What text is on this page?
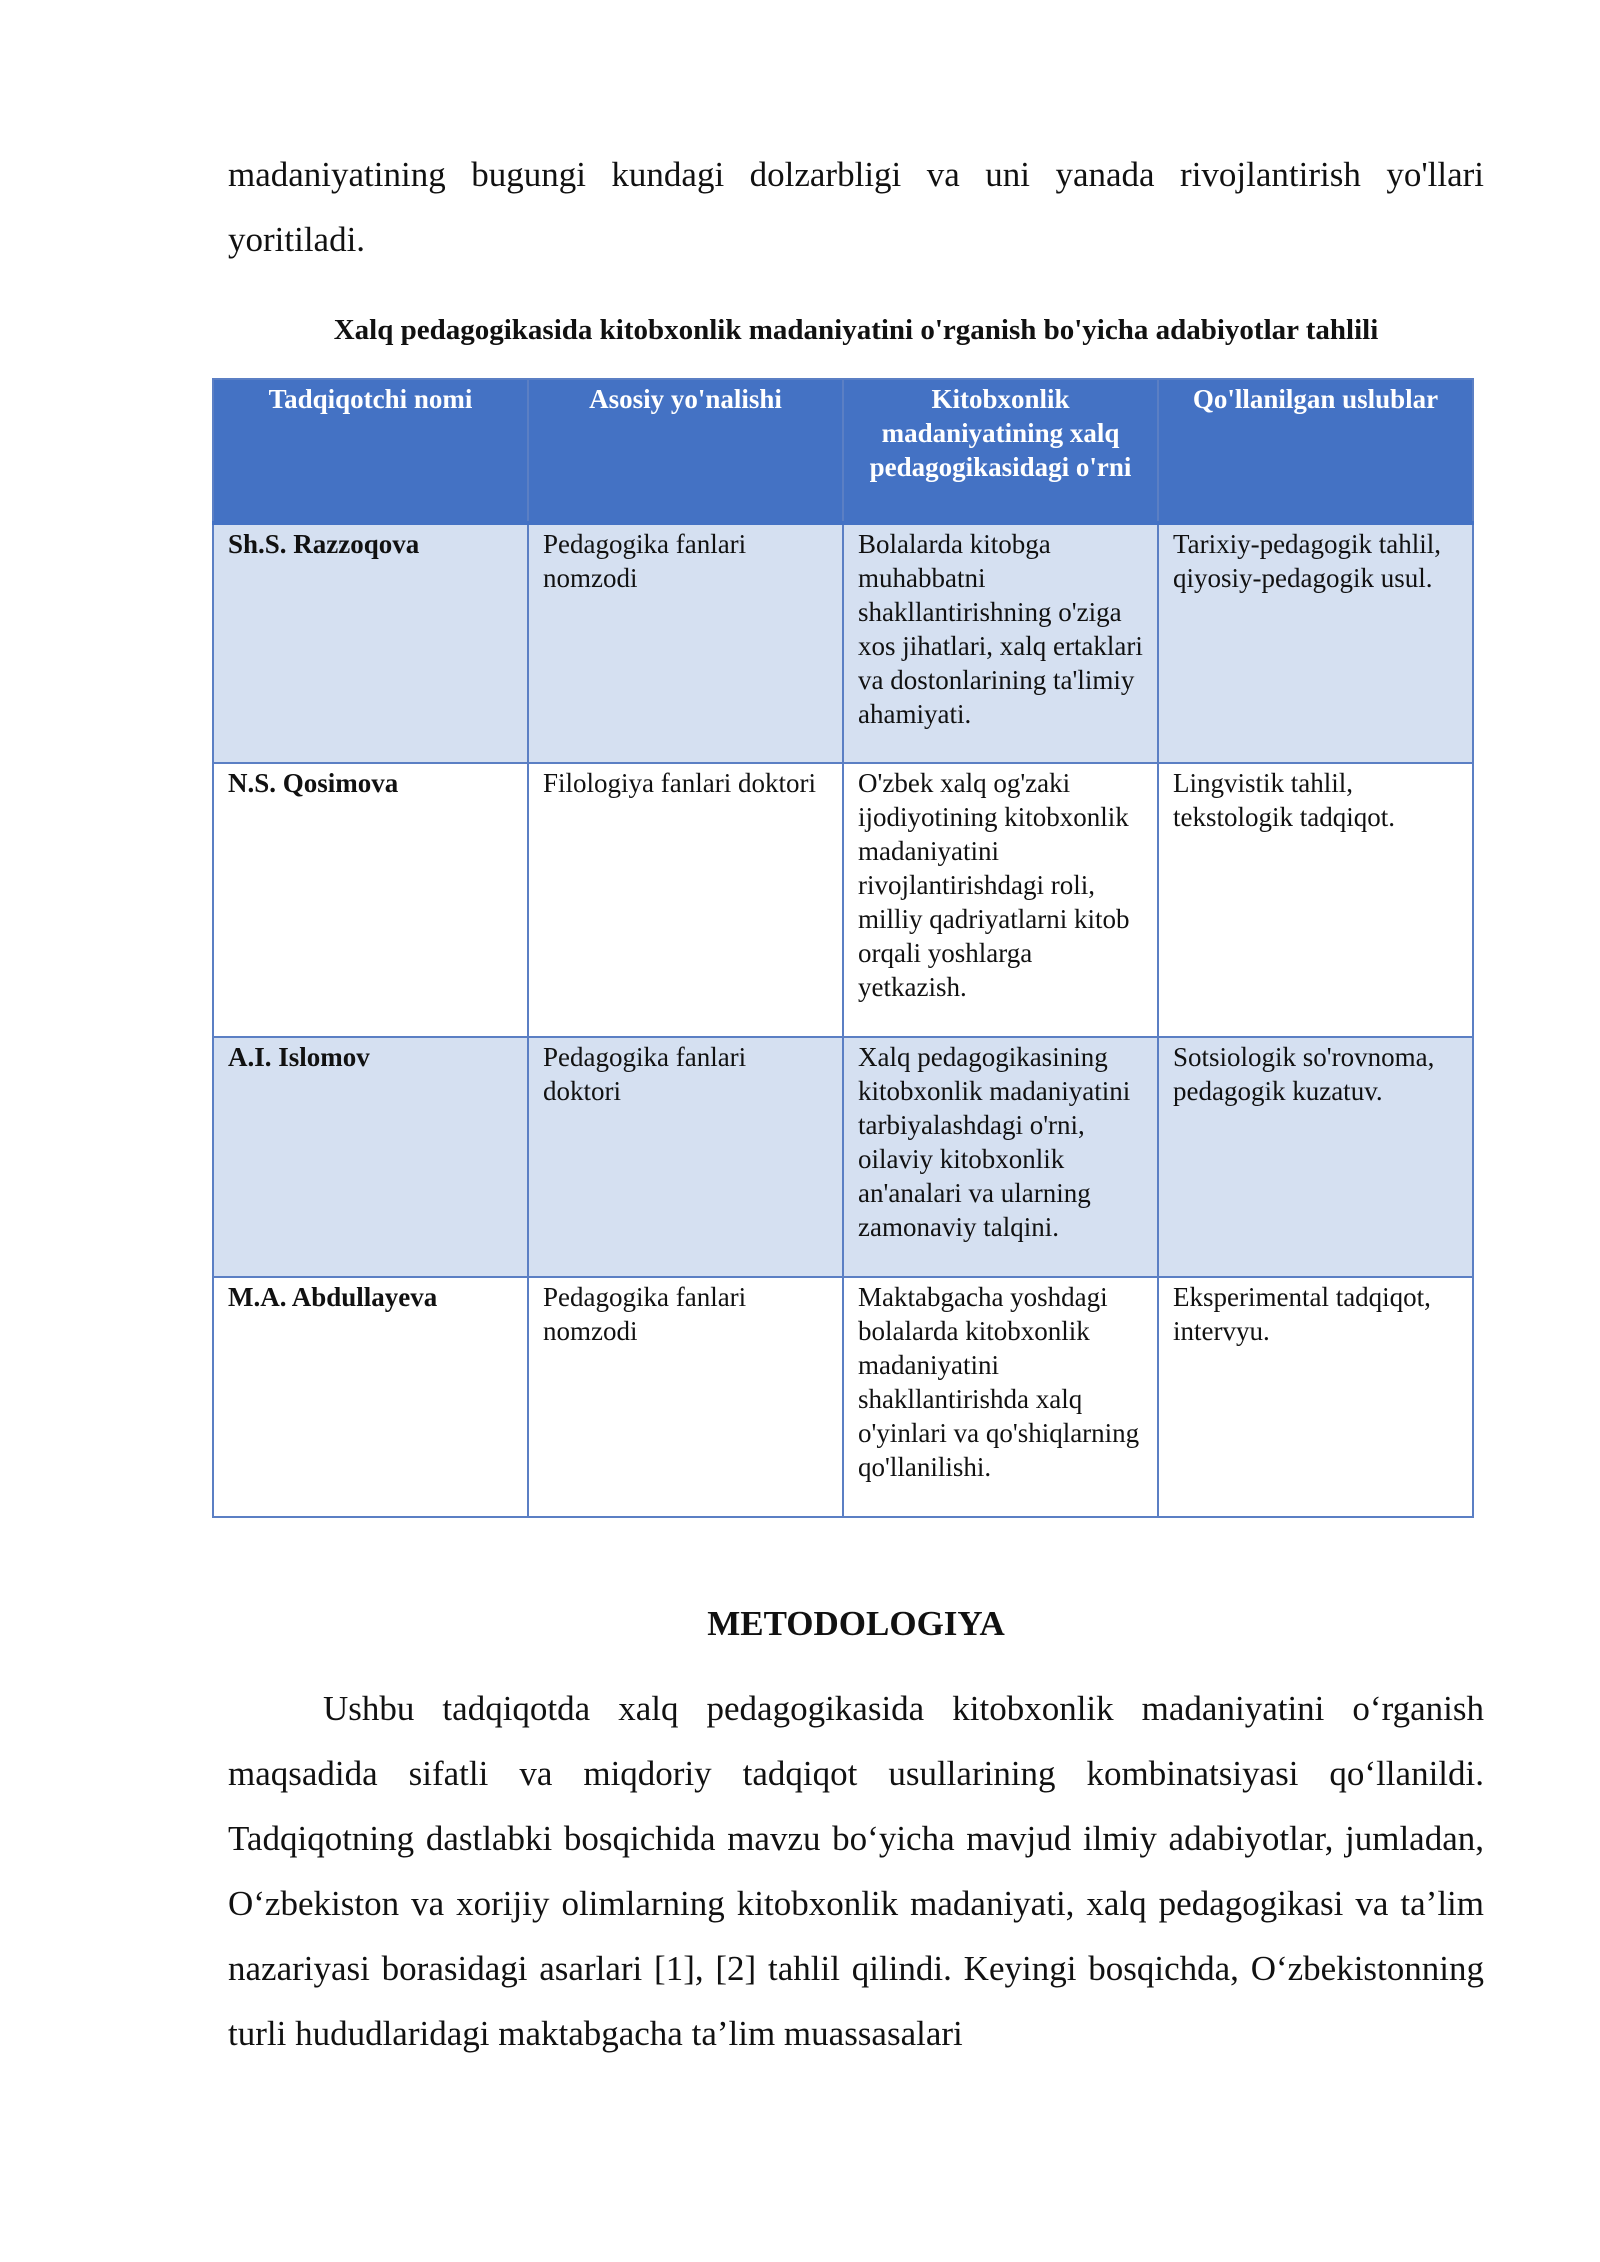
madaniyatining bugungi kundagi dolzarbligi va uni yanada rivojlantirish yo'llari yoritiladi.

Xalq pedagogikasida kitobxonlik madaniyatini o'rganish bo'yicha adabiyotlar tahlili

Tadqiqotchi nomi	Asosiy yo'nalishi	Kitobxonlik madaniyatining xalq pedagogikasidagi o'rni	Qo'llanilgan uslublar
Sh.S. Razzoqova	Pedagogika fanlari nomzodi	Bolalarda kitobga muhabbatni shakllantirishning o'ziga xos jihatlari, xalq ertaklari va dostonlarining ta'limiy ahamiyati.	Tarixiy-pedagogik tahlil, qiyosiy-pedagogik usul.
N.S. Qosimova	Filologiya fanlari doktori	O'zbek xalq og'zaki ijodiyotining kitobxonlik madaniyatini rivojlantirishdagi roli, milliy qadriyatlarni kitob orqali yoshlarga yetkazish.	Lingvistik tahlil, tekstologik tadqiqot.
A.I. Islomov	Pedagogika fanlari doktori	Xalq pedagogikasining kitobxonlik madaniyatini tarbiyalashdagi o'rni, oilaviy kitobxonlik an'analari va ularning zamonaviy talqini.	Sotsiologik so'rovnoma, pedagogik kuzatuv.
M.A. Abdullayeva	Pedagogika fanlari nomzodi	Maktabgacha yoshdagi bolalarda kitobxonlik madaniyatini shakllantirishda xalq o'yinlari va qo'shiqlarning qo'llanilishi.	Eksperimental tadqiqot, intervyu.
METODOLOGIYA

Ushbu tadqiqotda xalq pedagogikasida kitobxonlik madaniyatini o‘rganish maqsadida sifatli va miqdoriy tadqiqot usullarining kombinatsiyasi qo‘llanildi. Tadqiqotning dastlabki bosqichida mavzu bo‘yicha mavjud ilmiy adabiyotlar, jumladan, O‘zbekiston va xorijiy olimlarning kitobxonlik madaniyati, xalq pedagogikasi va ta’lim nazariyasi borasidagi asarlari [1], [2] tahlil qilindi. Keyingi bosqichda, O‘zbekistonning turli hududlaridagi maktabgacha ta’lim muassasalari
